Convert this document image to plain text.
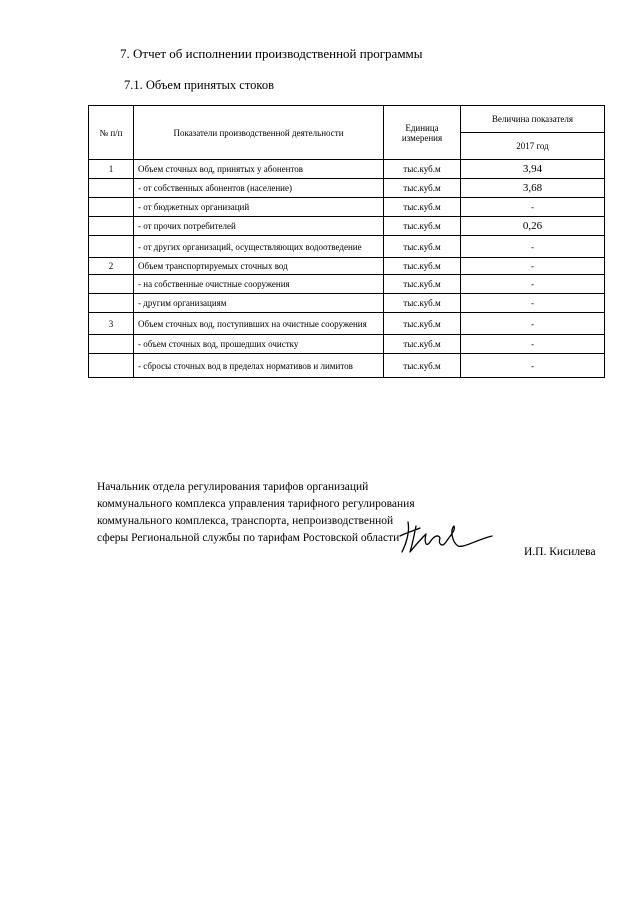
7. Отчет об исполнении производственной программы
7.1. Объем принятых стоков
№ п/п	Показатели производственной деятельности	Единица измерения	Величина показателя
			2017 год
1	Объем сточных вод, принятых у абонентов	тыс.куб.м	3,94
	- от собственных абонентов (население)	тыс.куб.м	3,68
	- от бюджетных организаций	тыс.куб.м	-
	- от прочих потребителей	тыс.куб.м	0,26
	- от других организаций, осуществляющих водоотведение	тыс.куб.м	-
2	Объем транспортируемых сточных вод	тыс.куб.м	-
	- на собственные очистные сооружения	тыс.куб.м	-
	- другим организациям	тыс.куб.м	-
3	Объем сточных вод, поступивших на очистные сооружения	тыс.куб.м	-
	- объем сточных вод, прошедших очистку	тыс.куб.м	-
	- сбросы сточных вод в пределах нормативов и лимитов	тыс.куб.м	-
Начальник отдела регулирования тарифов организаций коммунального комплекса управления тарифного регулирования коммунального комплекса, транспорта, непроизводственной сферы Региональной службы по тарифам Ростовской области
И.П. Кисилева
